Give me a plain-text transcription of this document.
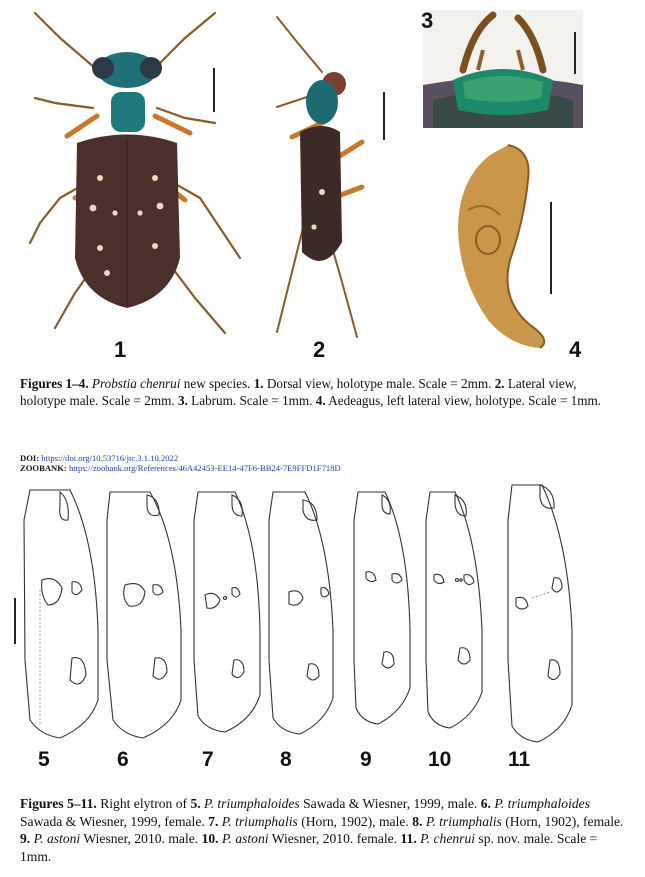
1	2
3
4
Figures 1–4. Probstia chenrui new species. 1. Dorsal view, holotype male. Scale = 2mm. 2. Lateral view, holotype male. Scale = 2mm. 3. Labrum. Scale = 1mm. 4. Aedeagus, left lateral view, holotype. Scale = 1mm.
DOI: https://doi.org/10.53716/jtc.3.1.10.2022
ZOOBANK: https://zoobank.org/References/46A42453-EE14-47F6-BB24-7E9FFD1F718D
5	6	7	8	9	10	11
Figures 5–11. Right elytron of 5. P. triumphaloides Sawada & Wiesner, 1999, male. 6. P. triumphaloides Sawada & Wiesner, 1999, female. 7. P. triumphalis (Horn, 1902), male. 8. P. triumphalis (Horn, 1902), female. 9. P. astoni Wiesner, 2010. male. 10. P. astoni Wiesner, 2010. female. 11. P. chenrui sp. nov. male. Scale = 1mm.
